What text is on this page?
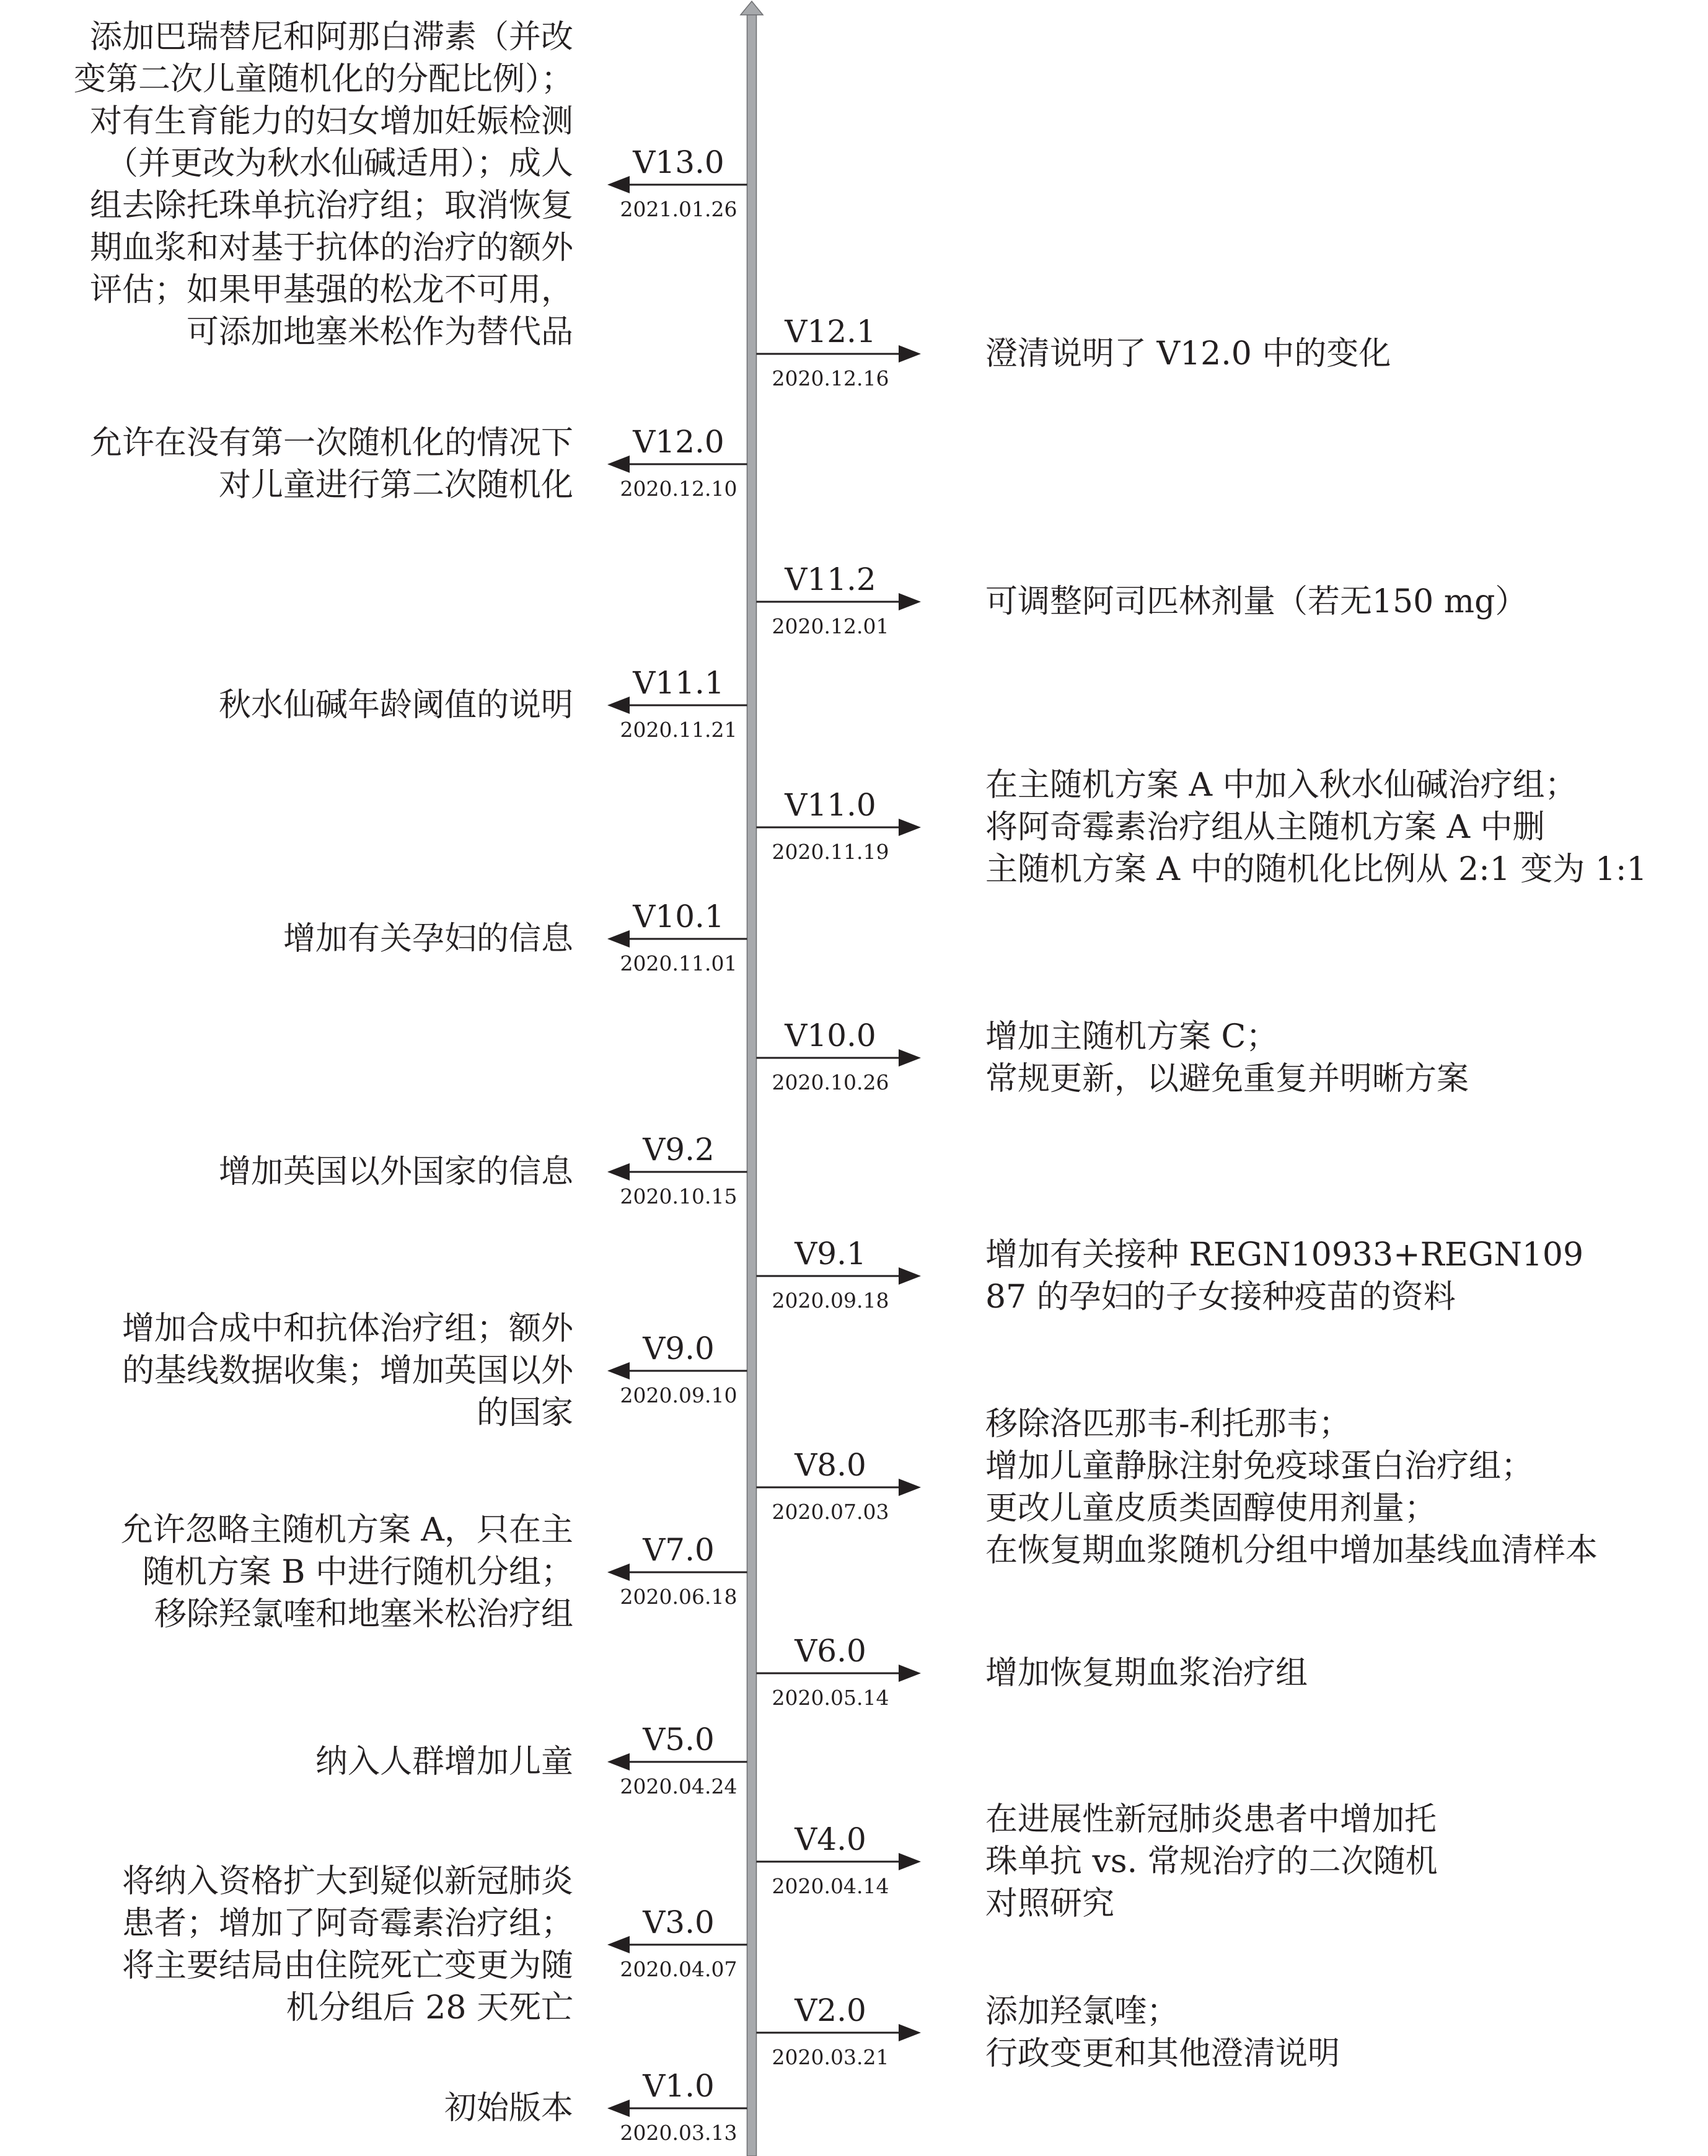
V13.0
2021.01.26
添加巴瑞替尼和阿那白滞素（并改
变第二次儿童随机化的分配比例）；
对有生育能力的妇女增加妊娠检测
（并更改为秋水仙碱适用）；成人
组去除托珠单抗治疗组；取消恢复
期血浆和对基于抗体的治疗的额外
评估；如果甲基强的松龙不可用，
可添加地塞米松作为替代品	V12.1
2020.12.16
澄清说明了 V12.0 中的变化
V12.0
2020.12.10
允许在没有第一次随机化的情况下
对儿童进行第二次随机化
V11.2
2020.12.01
可调整阿司匹林剂量（若无150 mg）
V11.1
2020.11.21
秋水仙碱年龄阈值的说明
V11.0
2020.11.19
在主随机方案 A 中加入秋水仙碱治疗组；
将阿奇霉素治疗组从主随机方案 A 中删
主随机方案 A 中的随机化比例从 2:1 变为 1:1
V10.1
2020.11.01
增加有关孕妇的信息
V10.0
2020.10.26
增加主随机方案 C；
常规更新，以避免重复并明晰方案
V9.2
2020.10.15
增加英国以外国家的信息
V9.1
2020.09.18
增加有关接种 REGN10933+REGN109
87 的孕妇的子女接种疫苗的资料
V9.0
2020.09.10
增加合成中和抗体治疗组；额外
的基线数据收集；增加英国以外
的国家
V8.0
2020.07.03
移除洛匹那韦-利托那韦；
增加儿童静脉注射免疫球蛋白治疗组；
更改儿童皮质类固醇使用剂量；
在恢复期血浆随机分组中增加基线血清样本
V7.0
2020.06.18
允许忽略主随机方案 A，只在主
随机方案 B 中进行随机分组；
移除羟氯喹和地塞米松治疗组
V6.0
2020.05.14
增加恢复期血浆治疗组
V5.0
2020.04.24
纳入人群增加儿童
V4.0
2020.04.14
在进展性新冠肺炎患者中增加托
珠单抗 vs. 常规治疗的二次随机
对照研究
V3.0
2020.04.07
将纳入资格扩大到疑似新冠肺炎
患者；增加了阿奇霉素治疗组；
将主要结局由住院死亡变更为随
机分组后 28 天死亡	V2.0
2020.03.21
添加羟氯喹；
行政变更和其他澄清说明
V1.0
2020.03.13
初始版本
